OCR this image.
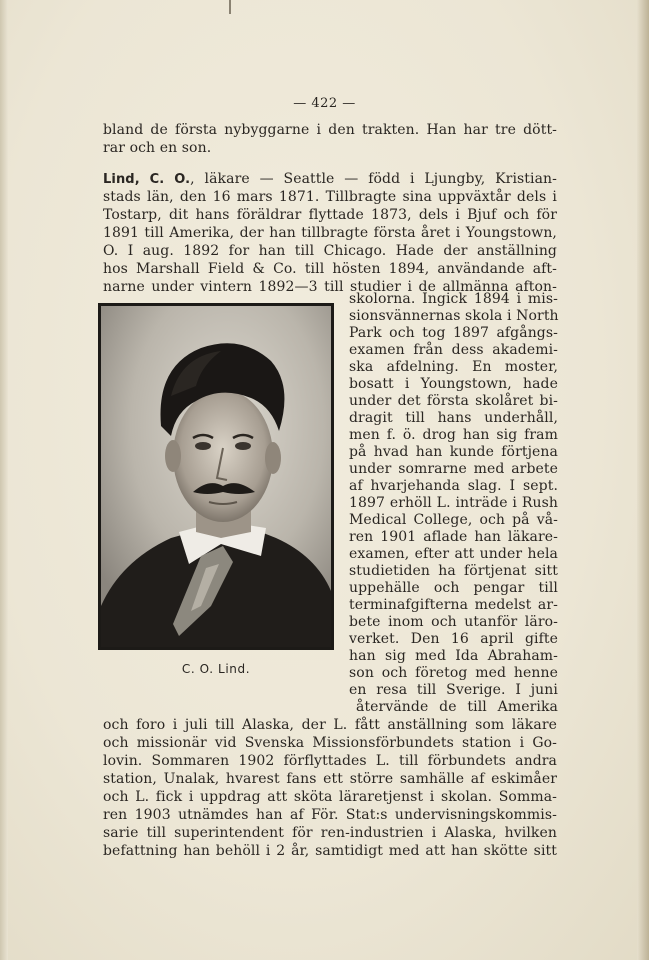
— 422 —
bland de första nybyggarne i den trakten. Han har tre dött-
rar och en son.
Lind, C. O., läkare — Seattle — född i Ljungby, Kristian-
stads län, den 16 mars 1871. Tillbragte sina uppväxtår dels i
Tostarp, dit hans föräldrar flyttade 1873, dels i Bjuf och för
1891 till Amerika, der han tillbragte första året i Youngstown,
O. I aug. 1892 for han till Chicago. Hade der anställning
hos Marshall Field & Co. till hösten 1894, användande aft-
narne under vintern 1892—3 till studier i de allmänna afton-
C. O. Lind.
skolorna. Ingick 1894 i mis-
sionsvännernas skola i North
Park och tog 1897 afgångs-
examen från dess akademi-
ska afdelning. En moster,
bosatt i Youngstown, hade
under det första skolåret bi-
dragit till hans underhåll,
men f. ö. drog han sig fram
på hvad han kunde förtjena
under somrarne med arbete
af hvarjehanda slag. I sept.
1897 erhöll L. inträde i Rush
Medical College, och på vå-
ren 1901 aflade han läkare-
examen, efter att under hela
studietiden ha förtjenat sitt
uppehälle och pengar till
terminafgifterna medelst ar-
bete inom och utanför läro-
verket. Den 16 april gifte
han sig med Ida Abraham-
son och företog med henne
en resa till Sverige. I juni
återvände de till Amerika
och foro i juli till Alaska, der L. fått anställning som läkare
och missionär vid Svenska Missionsförbundets station i Go-
lovin. Sommaren 1902 förflyttades L. till förbundets andra
station, Unalak, hvarest fans ett större samhälle af eskimåer
och L. fick i uppdrag att sköta läraretjenst i skolan. Somma-
ren 1903 utnämdes han af För. Stat:s undervisningskommis-
sarie till superintendent för ren-industrien i Alaska, hvilken
befattning han behöll i 2 år, samtidigt med att han skötte sitt
